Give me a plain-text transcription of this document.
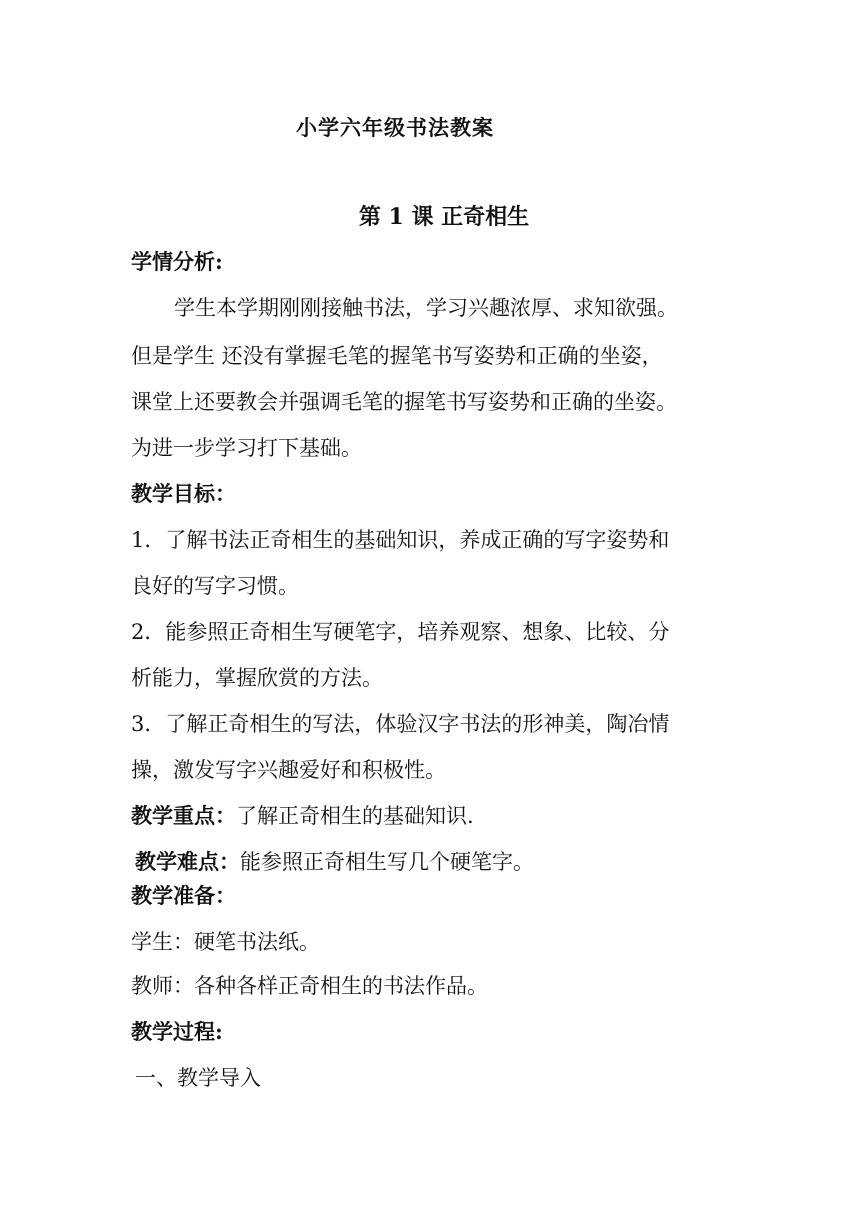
小学六年级书法教案
第 1 课 正奇相生
学情分析:
学生本学期刚刚接触书法，学习兴趣浓厚、求知欲强。
但是学生 还没有掌握毛笔的握笔书写姿势和正确的坐姿，
课堂上还要教会并强调毛笔的握笔书写姿势和正确的坐姿。
为进一步学习打下基础。
教学目标：
1．了解书法正奇相生的基础知识，养成正确的写字姿势和
良好的写字习惯。
2．能参照正奇相生写硬笔字，培养观察、想象、比较、分
析能力，掌握欣赏的方法。
3．了解正奇相生的写法，体验汉字书法的形神美，陶冶情
操，激发写字兴趣爱好和积极性。
教学重点：了解正奇相生的基础知识.
教学难点：能参照正奇相生写几个硬笔字。
教学准备：
学生：硬笔书法纸。
教师：各种各样正奇相生的书法作品。
教学过程:
一、教学导入
